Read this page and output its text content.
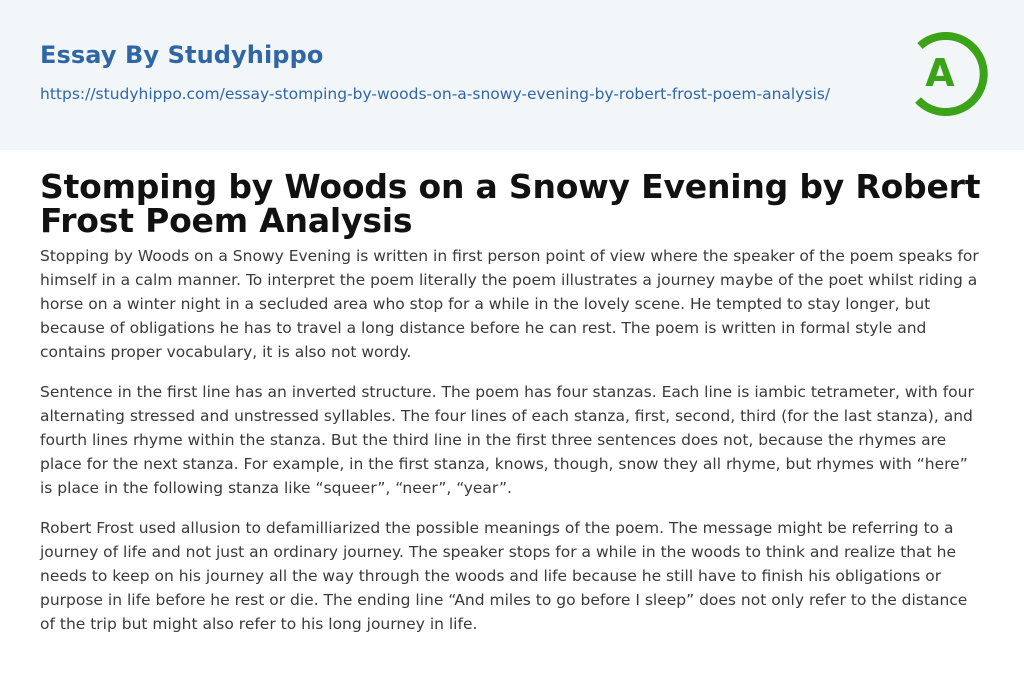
Essay By Studyhippo
https://studyhippo.com/essay-stomping-by-woods-on-a-snowy-evening-by-robert-frost-poem-analysis/	A
Stomping by Woods on a Snowy Evening by Robert Frost Poem Analysis

Stopping by Woods on a Snowy Evening is written in first person point of view where the speaker of the poem speaks for himself in a calm manner. To interpret the poem literally the poem illustrates a journey maybe of the poet whilst riding a horse on a winter night in a secluded area who stop for a while in the lovely scene. He tempted to stay longer, but because of obligations he has to travel a long distance before he can rest. The poem is written in formal style and contains proper vocabulary, it is also not wordy.

Sentence in the first line has an inverted structure. The poem has four stanzas. Each line is iambic tetrameter, with four alternating stressed and unstressed syllables. The four lines of each stanza, first, second, third (for the last stanza), and fourth lines rhyme within the stanza. But the third line in the first three sentences does not, because the rhymes are place for the next stanza. For example, in the first stanza, knows, though, snow they all rhyme, but rhymes with “here” is place in the following stanza like “squeer”, “neer”, “year”.

Robert Frost used allusion to defamilliarized the possible meanings of the poem. The message might be referring to a journey of life and not just an ordinary journey. The speaker stops for a while in the woods to think and realize that he needs to keep on his journey all the way through the woods and life because he still have to finish his obligations or purpose in life before he rest or die. The ending line “And miles to go before I sleep” does not only refer to the distance of the trip but might also refer to his long journey in life.
